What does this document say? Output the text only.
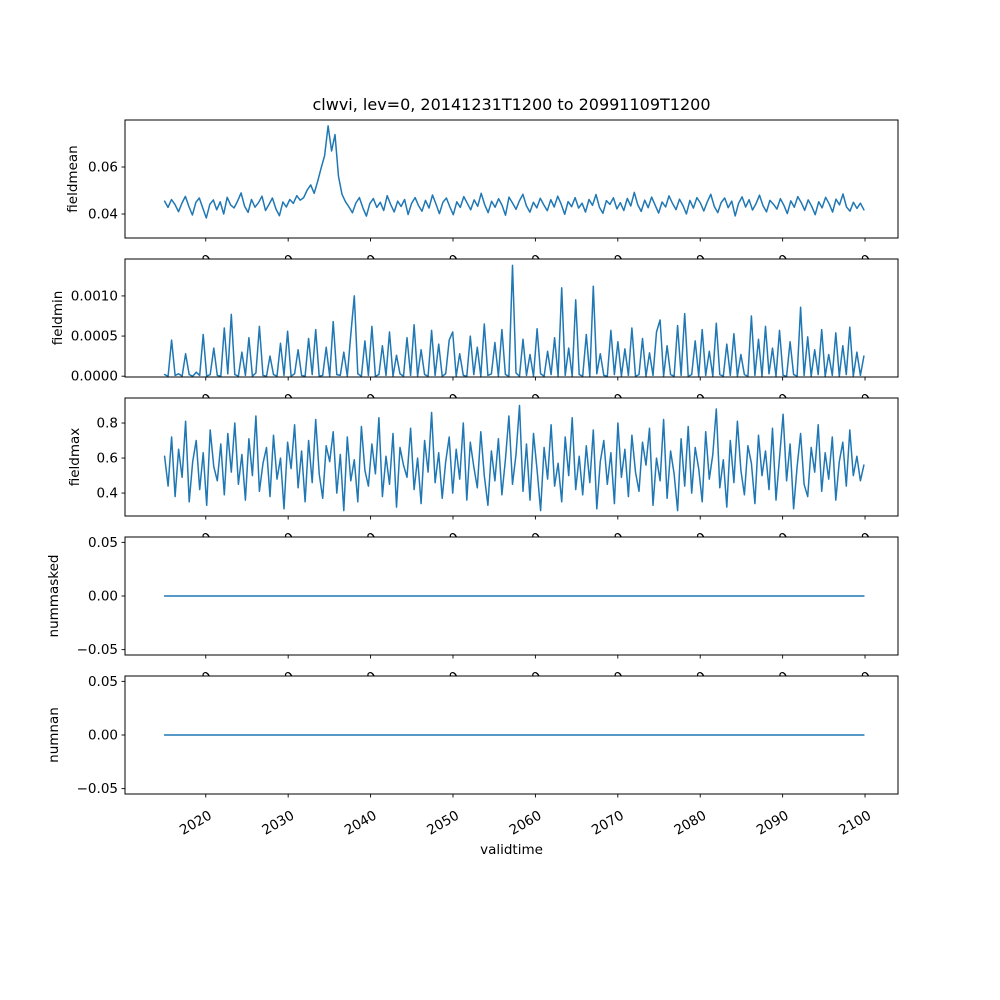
0.04
0.06
0.0000
0.0005
0.0010
0.4
0.6
0.8
−0.05
0.00
0.05
−0.05
0.00
0.05
2020	2030	2040	2050	2060	2070	2080	2090	2100
clwvi, lev=0, 20141231T1200 to 20991109T1200
validtime
fieldmean
fieldmin
fieldmax
nummasked
numnan
